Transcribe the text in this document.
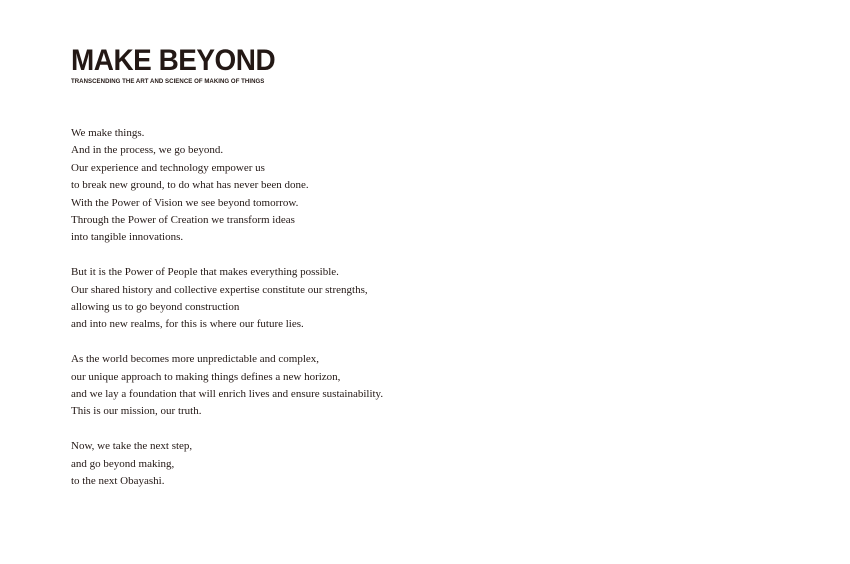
MAKE BEYOND
TRANSCENDING THE ART AND SCIENCE OF MAKING OF THINGS
We make things.
And in the process, we go beyond.
Our experience and technology empower us
to break new ground, to do what has never been done.
With the Power of Vision we see beyond tomorrow.
Through the Power of Creation we transform ideas
into tangible innovations.
But it is the Power of People that makes everything possible.
Our shared history and collective expertise constitute our strengths,
allowing us to go beyond construction
and into new realms, for this is where our future lies.
As the world becomes more unpredictable and complex,
our unique approach to making things defines a new horizon,
and we lay a foundation that will enrich lives and ensure sustainability.
This is our mission, our truth.
Now, we take the next step,
and go beyond making,
to the next Obayashi.
